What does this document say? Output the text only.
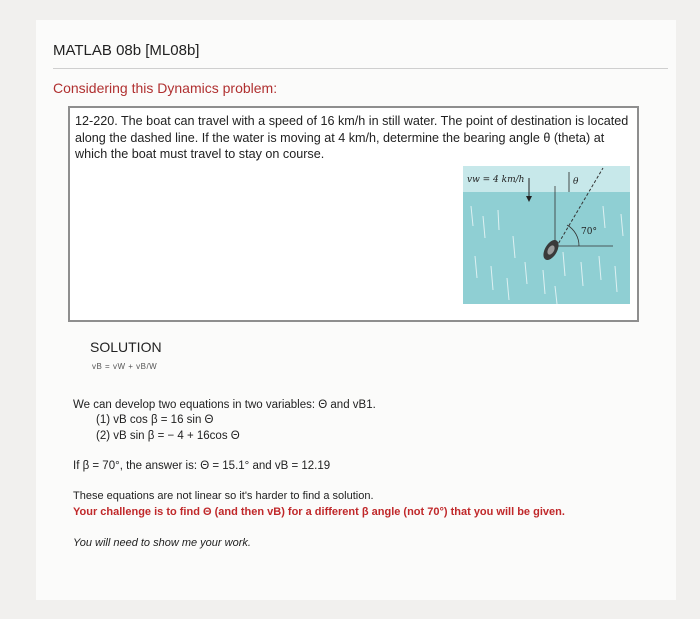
MATLAB 08b [ML08b]
Considering this Dynamics problem:
12-220. The boat can travel with a speed of 16 km/h in still water. The point of destination is located along the dashed line. If the water is moving at 4 km/h, determine the bearing angle θ (theta) at which the boat must travel to stay on course.
vw = 4 km/h	θ
70°
SOLUTION
vB = vW + vB/W
We can develop two equations in two variables: Θ and vB1.
(1) vB cos β = 16 sin Θ
(2) vB sin β = − 4 + 16cos Θ
If β = 70°, the answer is: Θ = 15.1° and vB = 12.19
These equations are not linear so it's harder to find a solution.
Your challenge is to find Θ (and then vB) for a different β angle (not 70°) that you will be given.
You will need to show me your work.
